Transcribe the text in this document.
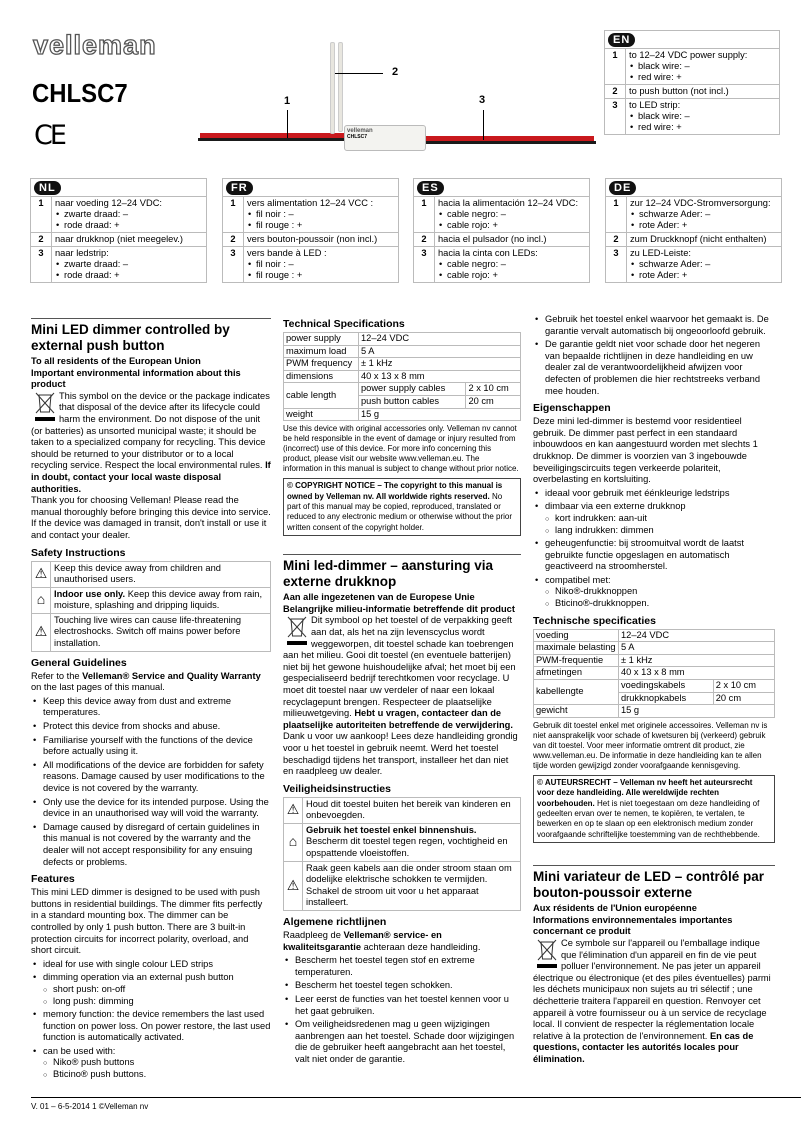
velleman
CHLSC7
CE	velleman
CHLSC7
1
2
3
EN
1	to 12–24 VDC power supply:
• black wire: –
• red wire: +
2	to push button (not incl.)
3	to LED strip:
• black wire: –
• red wire: +
NL
1	naar voeding 12–24 VDC:
• zwarte draad: –
• rode draad: +
2	naar drukknop (niet meegelev.)
3	naar ledstrip:
• zwarte draad: –
• rode draad: +
FR
1	vers alimentation 12–24 VCC :
• fil noir : –
• fil rouge : +
2	vers bouton-poussoir (non incl.)
3	vers bande à LED :
• fil noir : –
• fil rouge : +
ES
1	hacia la alimentación 12–24 VDC:
• cable negro: –
• cable rojo: +
2	hacia el pulsador (no incl.)
3	hacia la cinta con LEDs:
• cable negro: –
• cable rojo: +
DE
1	zur 12–24 VDC-Stromversorgung:
• schwarze Ader: –
• rote Ader: +
2	zum Druckknopf (nicht enthalten)
3	zu LED-Leiste:
• schwarze Ader: –
• rote Ader: +
Mini LED dimmer controlled by external push button
To all residents of the European Union
Important environmental information about this product

This symbol on the device or the package indicates that disposal of the device after its lifecycle could harm the environment. Do not dispose of the unit (or batteries) as unsorted municipal waste; it should be taken to a specialized company for recycling. This device should be returned to your distributor or to a local recycling service. Respect the local environmental rules. If in doubt, contact your local waste disposal authorities.

Thank you for choosing Velleman! Please read the manual thoroughly before bringing this device into service. If the device was damaged in transit, don't install or use it and contact your dealer.

Safety Instructions
⚠	Keep this device away from children and unauthorised users.
⌂	Indoor use only. Keep this device away from rain, moisture, splashing and dripping liquids.
⚠	Touching live wires can cause life-threatening electroshocks. Switch off mains power before installation.
General Guidelines

Refer to the Velleman® Service and Quality Warranty on the last pages of this manual.

• Keep this device away from dust and extreme temperatures.
• Protect this device from shocks and abuse.
• Familiarise yourself with the functions of the device before actually using it.
• All modifications of the device are forbidden for safety reasons. Damage caused by user modifications to the device is not covered by the warranty.
• Only use the device for its intended purpose. Using the device in an unauthorised way will void the warranty.
• Damage caused by disregard of certain guidelines in this manual is not covered by the warranty and the dealer will not accept responsibility for any ensuing defects or problems.
Features

This mini LED dimmer is designed to be used with push buttons in residential buildings. The dimmer fits perfectly in a standard mounting box. The dimmer can be controlled by only 1 push button. There are 3 built-in protection circuits for incorrect polarity, overload, and short circuit.

• ideal for use with single colour LED strips
• dimming operation via an external push button
○ short push: on-off
○ long push: dimming
• memory function: the device remembers the last used function on power loss. On power restore, the last used function is automatically activated.
• can be used with:
○ Niko® push buttons
○ Bticino® push buttons.
Technical Specifications
power supply	12–24 VDC	
maximum load	5 A	
PWM frequency	± 1 kHz	
dimensions	40 x 13 x 8 mm	
cable length	power supply cables	2 x 10 cm
	push button cables	20 cm
weight	15 g	

Use this device with original accessories only. Velleman nv cannot be held responsible in the event of damage or injury resulted from (incorrect) use of this device. For more info concerning this product, please visit our website www.velleman.eu. The information in this manual is subject to change without prior notice.

© COPYRIGHT NOTICE – The copyright to this manual is owned by Velleman nv. All worldwide rights reserved. No part of this manual may be copied, reproduced, translated or reduced to any electronic medium or otherwise without the prior written consent of the copyright holder.
Mini led-dimmer – aansturing via externe drukknop
Aan alle ingezetenen van de Europese Unie
Belangrijke milieu-informatie betreffende dit product

Dit symbool op het toestel of de verpakking geeft aan dat, als het na zijn levenscyclus wordt weggeworpen, dit toestel schade kan toebrengen aan het milieu. Gooi dit toestel (en eventuele batterijen) niet bij het gewone huishoudelijke afval; het moet bij een gespecialiseerd bedrijf terechtkomen voor recyclage. U moet dit toestel naar uw verdeler of naar een lokaal recyclagepunt brengen. Respecteer de plaatselijke milieuwetgeving. Hebt u vragen, contacteer dan de plaatselijke autoriteiten betreffende de verwijdering.

Dank u voor uw aankoop! Lees deze handleiding grondig voor u het toestel in gebruik neemt. Werd het toestel beschadigd tijdens het transport, installeer het dan niet en raadpleeg uw dealer.

Veiligheidsinstructies
⚠	Houd dit toestel buiten het bereik van kinderen en onbevoegden.
⌂	Gebruik het toestel enkel binnenshuis. Bescherm dit toestel tegen regen, vochtigheid en opspattende vloeistoffen.
⚠	Raak geen kabels aan die onder stroom staan om dodelijke elektrische schokken te vermijden. Schakel de stroom uit voor u het apparaat installeert.
Algemene richtlijnen

Raadpleeg de Velleman® service- en kwaliteitsgarantie achteraan deze handleiding.

• Bescherm het toestel tegen stof en extreme temperaturen.
• Bescherm het toestel tegen schokken.
• Leer eerst de functies van het toestel kennen voor u het gaat gebruiken.
• Om veiligheidsredenen mag u geen wijzigingen aanbrengen aan het toestel. Schade door wijzigingen die de gebruiker heeft aangebracht aan het toestel, valt niet onder de garantie.
• Gebruik het toestel enkel waarvoor het gemaakt is. De garantie vervalt automatisch bij ongeoorloofd gebruik.
• De garantie geldt niet voor schade door het negeren van bepaalde richtlijnen in deze handleiding en uw dealer zal de verantwoordelijkheid afwijzen voor defecten of problemen die hier rechtstreeks verband mee houden.
Eigenschappen

Deze mini led-dimmer is bestemd voor residentieel gebruik. De dimmer past perfect in een standaard inbouwdoos en kan aangestuurd worden met slechts 1 drukknop. De dimmer is voorzien van 3 ingebouwde beveiligingscircuits tegen verkeerde polariteit, overbelasting en kortsluiting.

• ideaal voor gebruik met éénkleurige ledstrips
• dimbaar via een externe drukknop
○ kort indrukken: aan-uit
○ lang indrukken: dimmen
• geheugenfunctie: bij stroomuitval wordt de laatst gebruikte functie opgeslagen en automatisch geactiveerd na stroomherstel.
• compatibel met:
○ Niko®-drukknoppen
○ Bticino®-drukknoppen.
Technische specificaties
voeding	12–24 VDC	
maximale belasting	5 A	
PWM-frequentie	± 1 kHz	
afmetingen	40 x 13 x 8 mm	
kabellengte	voedingskabels	2 x 10 cm
	drukknopkabels	20 cm
gewicht	15 g	

Gebruik dit toestel enkel met originele accessoires. Velleman nv is niet aansprakelijk voor schade of kwetsuren bij (verkeerd) gebruik van dit toestel. Voor meer informatie omtrent dit product, zie www.velleman.eu. De informatie in deze handleiding kan te allen tijde worden gewijzigd zonder voorafgaande kennisgeving.

© AUTEURSRECHT – Velleman nv heeft het auteursrecht voor deze handleiding. Alle wereldwijde rechten voorbehouden. Het is niet toegestaan om deze handleiding of gedeelten ervan over te nemen, te kopiëren, te vertalen, te bewerken en op te slaan op een elektronisch medium zonder voorafgaande schriftelijke toestemming van de rechthebbende.
Mini variateur de LED – contrôlé par bouton-poussoir externe
Aux résidents de l'Union européenne
Informations environnementales importantes concernant ce produit

Ce symbole sur l'appareil ou l'emballage indique que l'élimination d'un appareil en fin de vie peut polluer l'environnement. Ne pas jeter un appareil électrique ou électronique (et des piles éventuelles) parmi les déchets municipaux non sujets au tri sélectif ; une déchetterie traitera l'appareil en question. Renvoyer cet appareil à votre fournisseur ou à un service de recyclage local. Il convient de respecter la réglementation locale relative à la protection de l'environnement. En cas de questions, contacter les autorités locales pour élimination.

V. 01 – 6-5-2014 1 ©Velleman nv
